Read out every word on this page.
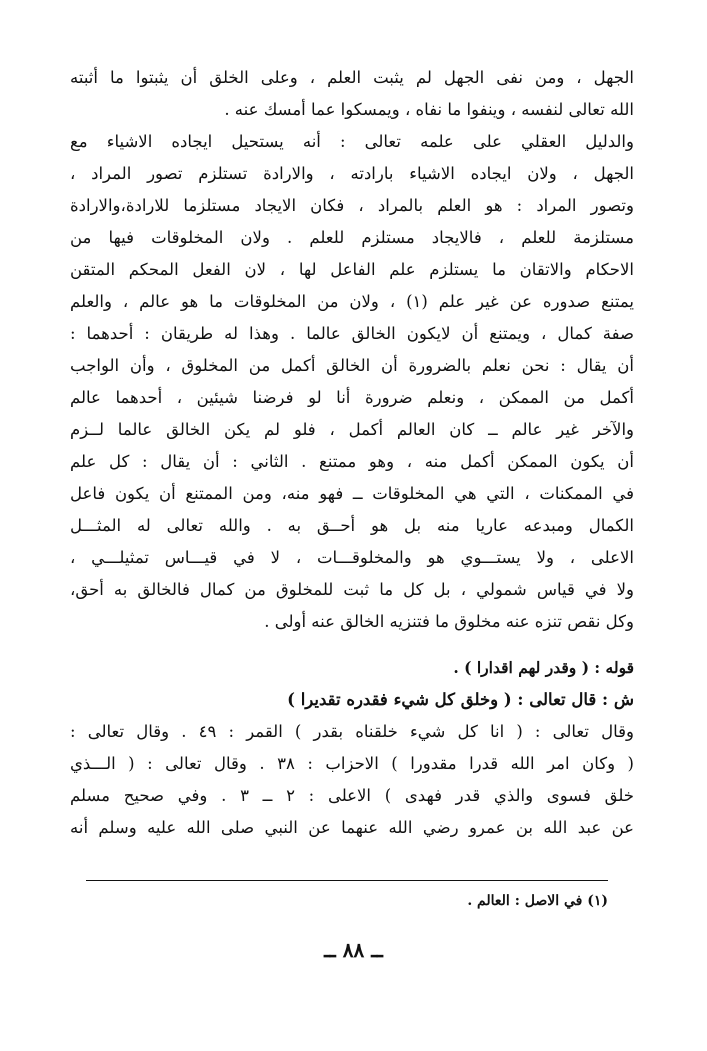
الجهل ، ومن نفى الجهل لم يثبت العلم ، وعلى الخلق أن يثبتوا ما أثبته
الله تعالى لنفسه ، وينفوا ما نفاه ، ويمسكوا عما أمسك عنه .

والدليل العقلي على علمه تعالى : أنه يستحيل ايجاده الاشياء مع
الجهل ، ولان ايجاده الاشياء بارادته ، والارادة تستلزم تصور المراد ،
وتصور المراد : هو العلم بالمراد ، فكان الايجاد مستلزما للارادة،والارادة
مستلزمة للعلم ، فالايجاد مستلزم للعلم . ولان المخلوقات فيها من
الاحكام والاتقان ما يستلزم علم الفاعل لها ، لان الفعل المحكم المتقن
يمتنع صدوره عن غير علم (١) ، ولان من المخلوقات ما هو عالم ، والعلم
صفة كمال ، ويمتنع أن لايكون الخالق عالما . وهذا له طريقان : أحدهما :
أن يقال : نحن نعلم بالضرورة أن الخالق أكمل من المخلوق ، وأن الواجب
أكمل من الممكن ، ونعلم ضرورة أنا لو فرضنا شيئين ، أحدهما عالم
والآخر غير عالم ــ كان العالم أكمل ، فلو لم يكن الخالق عالما لــزم
أن يكون الممكن أكمل منه ، وهو ممتنع . الثاني : أن يقال : كل علم
في الممكنات ، التي هي المخلوقات ــ فهو منه، ومن الممتنع أن يكون فاعل
الكمال ومبدعه عاريا منه بل هو أحــق به . والله تعالى له المثـــل
الاعلى ، ولا يستـــوي هو والمخلوقـــات ، لا في قيـــاس تمثيلـــي ،
ولا في قياس شمولي ، بل كل ما ثبت للمخلوق من كمال فالخالق به أحق،
وكل نقص تنزه عنه مخلوق ما فتنزيه الخالق عنه أولى .

قوله : ( وقدر لهم اقدارا ) .

ش : قال تعالى : ( وخلق كل شيء فقدره تقديرا )
وقال تعالى : ( انا كل شيء خلقناه بقدر ) القمر : ٤٩ . وقال تعالى :
( وكان امر الله قدرا مقدورا ) الاحزاب : ٣٨ . وقال تعالى : ( الـــذي
خلق فسوى والذي قدر فهدى ) الاعلى : ٢ ــ ٣ . وفي صحيح مسلم
عن عبد الله بن عمرو رضي الله عنهما عن النبي صلى الله عليه وسلم أنه

(١) في الاصل : العالم .
ــ ٨٨ ــ
